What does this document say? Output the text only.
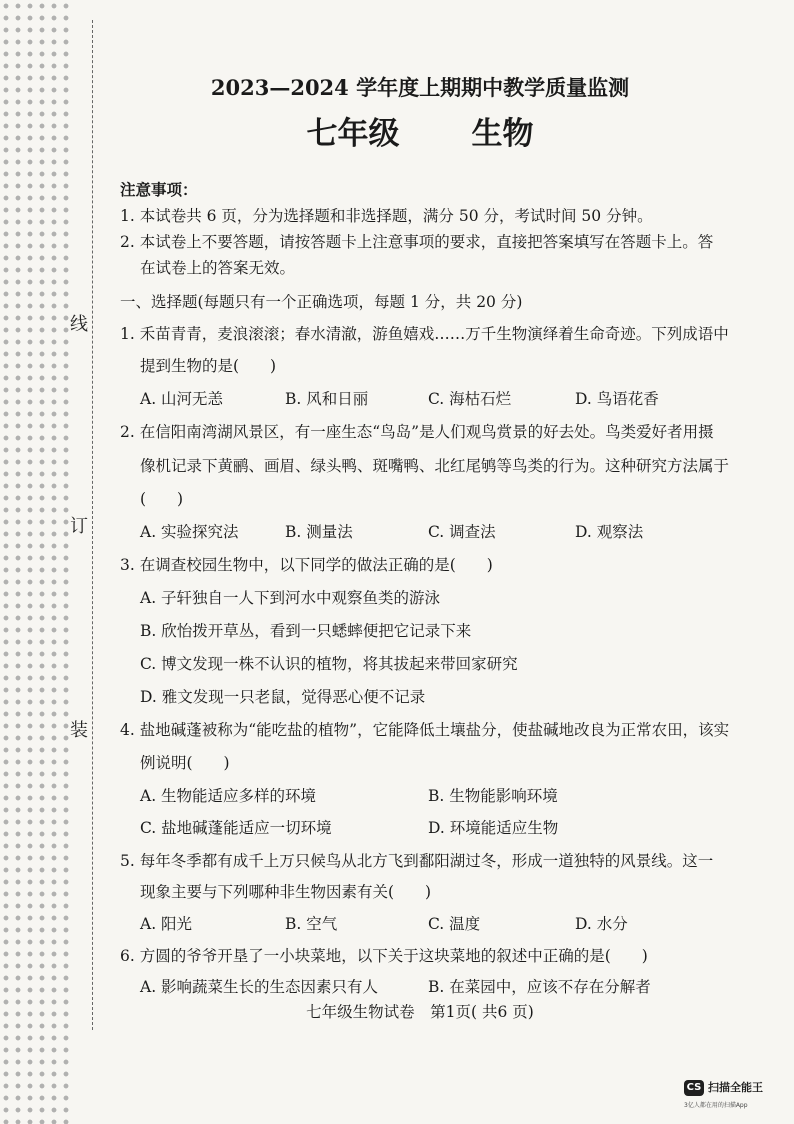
线
订
装
2023—2024 学年度上期期中教学质量监测
七年级 生物
注意事项：
1. 本试卷共 6 页，分为选择题和非选择题，满分 50 分，考试时间 50 分钟。
2. 本试卷上不要答题，请按答题卡上注意事项的要求，直接把答案填写在答题卡上。答
在试卷上的答案无效。
一、选择题(每题只有一个正确选项，每题 1 分，共 20 分)
1. 禾苗青青，麦浪滚滚；春水清澈，游鱼嬉戏……万千生物演绎着生命奇迹。下列成语中
提到生物的是(　　)
A. 山河无恙	B. 风和日丽	C. 海枯石烂	D. 鸟语花香
2. 在信阳南湾湖风景区，有一座生态“鸟岛”是人们观鸟赏景的好去处。鸟类爱好者用摄
像机记录下黄鹂、画眉、绿头鸭、斑嘴鸭、北红尾鸲等鸟类的行为。这种研究方法属于
(　　)
A. 实验探究法	B. 测量法	C. 调查法	D. 观察法
3. 在调查校园生物中，以下同学的做法正确的是(　　)
A. 子轩独自一人下到河水中观察鱼类的游泳
B. 欣怡拨开草丛，看到一只蟋蟀便把它记录下来
C. 博文发现一株不认识的植物，将其拔起来带回家研究
D. 雅文发现一只老鼠，觉得恶心便不记录
4. 盐地碱蓬被称为“能吃盐的植物”，它能降低土壤盐分，使盐碱地改良为正常农田，该实
例说明(　　)
A. 生物能适应多样的环境	B. 生物能影响环境
C. 盐地碱蓬能适应一切环境	D. 环境能适应生物
5. 每年冬季都有成千上万只候鸟从北方飞到鄱阳湖过冬，形成一道独特的风景线。这一
现象主要与下列哪种非生物因素有关(　　)
A. 阳光	B. 空气	C. 温度	D. 水分
6. 方圆的爷爷开垦了一小块菜地，以下关于这块菜地的叙述中正确的是(　　)
A. 影响蔬菜生长的生态因素只有人	B. 在菜园中，应该不存在分解者
七年级生物试卷　第1页( 共6 页)
CS 扫描全能王
3亿人都在用的扫描App
